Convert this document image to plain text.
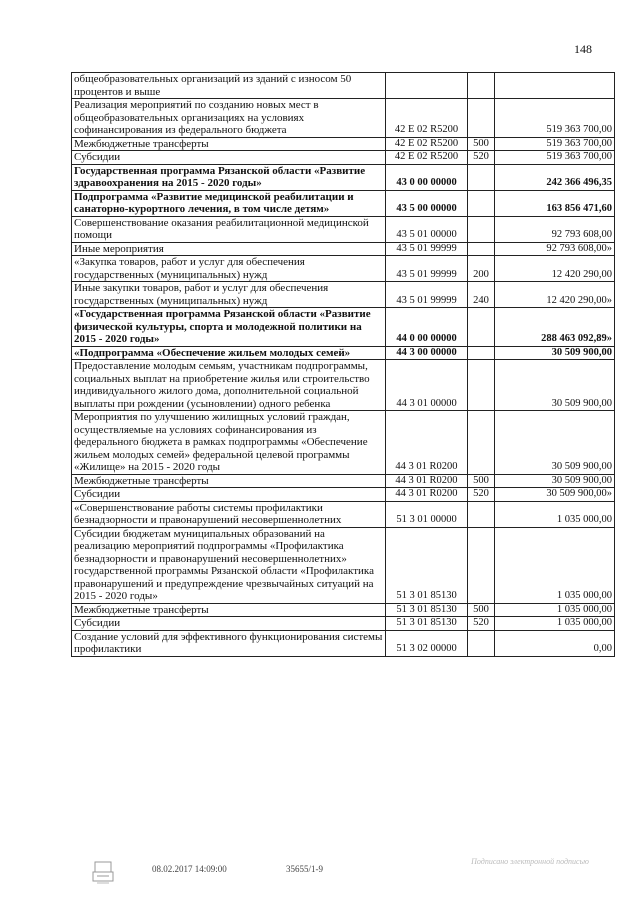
148
общеобразовательных организаций из зданий с износом 50 процентов и выше			
Реализация мероприятий по созданию новых мест в общеобразовательных организациях на условиях софинансирования из федерального бюджета	42 Е 02 R5200		519 363 700,00
Межбюджетные трансферты	42 Е 02 R5200	500	519 363 700,00
Субсидии	42 Е 02 R5200	520	519 363 700,00
Государственная программа Рязанской области «Развитие здравоохранения на 2015 - 2020 годы»	43 0 00 00000		242 366 496,35
Подпрограмма «Развитие медицинской реабилитации и санаторно-курортного лечения, в том числе детям»	43 5 00 00000		163 856 471,60
Совершенствование оказания реабилитационной медицинской помощи	43 5 01 00000		92 793 608,00
Иные мероприятия	43 5 01 99999		92 793 608,00»
«Закупка товаров, работ и услуг для обеспечения государственных (муниципальных) нужд	43 5 01 99999	200	12 420 290,00
Иные закупки товаров, работ и услуг для обеспечения государственных (муниципальных) нужд	43 5 01 99999	240	12 420 290,00»
«Государственная программа Рязанской области «Развитие физической культуры, спорта и молодежной политики на 2015 - 2020 годы»	44 0 00 00000		288 463 092,89»
«Подпрограмма «Обеспечение жильем молодых семей»	44 3 00 00000		30 509 900,00
Предоставление молодым семьям, участникам подпрограммы, социальных выплат на приобретение жилья или строительство индивидуального жилого дома, дополнительной социальной выплаты при рождении (усыновлении) одного ребенка	44 3 01 00000		30 509 900,00
Мероприятия по улучшению жилищных условий граждан, осуществляемые на условиях софинансирования из федерального бюджета в рамках подпрограммы «Обеспечение жильем молодых семей» федеральной целевой программы «Жилище» на 2015 - 2020 годы	44 3 01 R0200		30 509 900,00
Межбюджетные трансферты	44 3 01 R0200	500	30 509 900,00
Субсидии	44 3 01 R0200	520	30 509 900,00»
«Совершенствование работы системы профилактики безнадзорности и правонарушений несовершеннолетних	51 3 01 00000		1 035 000,00
Субсидии бюджетам муниципальных образований на реализацию мероприятий подпрограммы «Профилактика безнадзорности и правонарушений несовершеннолетних» государственной программы Рязанской области «Профилактика правонарушений и предупреждение чрезвычайных ситуаций на 2015 - 2020 годы»	51 3 01 85130		1 035 000,00
Межбюджетные трансферты	51 3 01 85130	500	1 035 000,00
Субсидии	51 3 01 85130	520	1 035 000,00
Создание условий для эффективного функционирования системы профилактики	51 3 02 00000		0,00
08.02.2017 14:09:00	35655/1-9
Подписано электронной подписью
